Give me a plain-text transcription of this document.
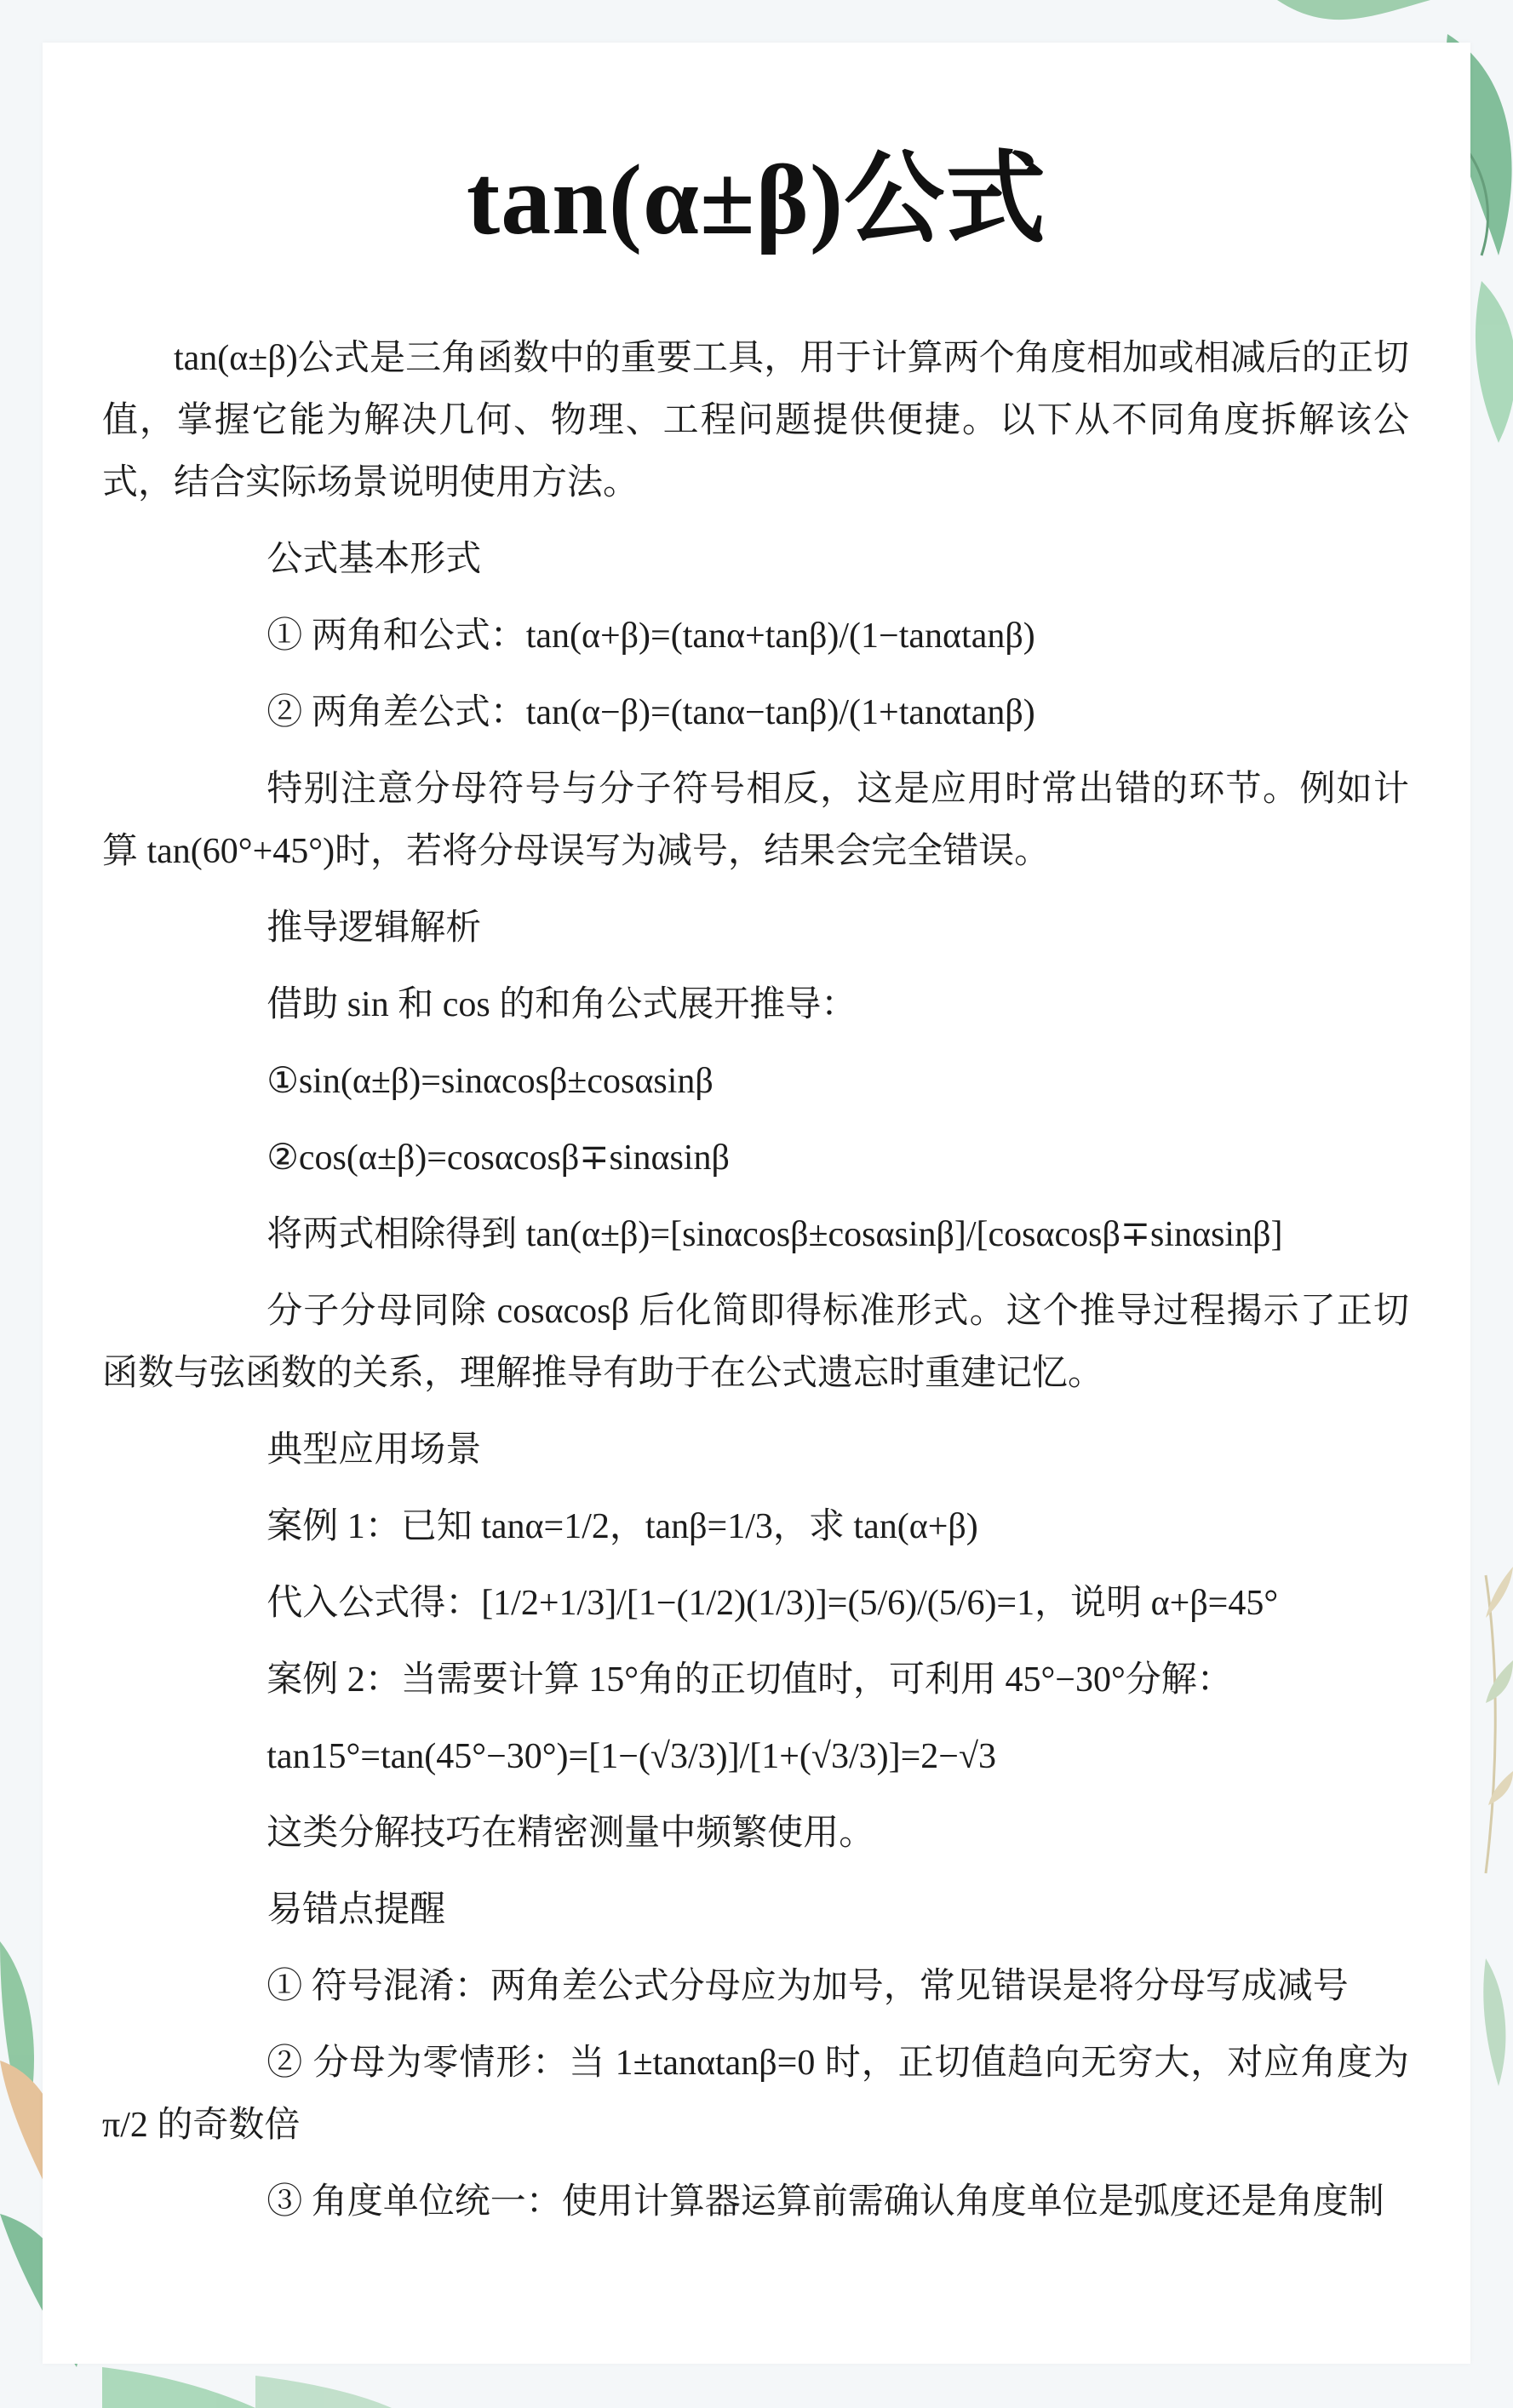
tan(α±β)公式

tan(α±β)公式是三角函数中的重要工具，用于计算两个角度相加或相减后的正切值，掌握它能为解决几何、物理、工程问题提供便捷。以下从不同角度拆解该公式，结合实际场景说明使用方法。

公式基本形式

① 两角和公式：tan(α+β)=(tanα+tanβ)/(1−tanαtanβ)

② 两角差公式：tan(α−β)=(tanα−tanβ)/(1+tanαtanβ)

特别注意分母符号与分子符号相反，这是应用时常出错的环节。例如计算 tan(60°+45°)时，若将分母误写为减号，结果会完全错误。

推导逻辑解析

借助 sin 和 cos 的和角公式展开推导：

①sin(α±β)=sinαcosβ±cosαsinβ

②cos(α±β)=cosαcosβ∓sinαsinβ

将两式相除得到 tan(α±β)=[sinαcosβ±cosαsinβ]/[cosαcosβ∓sinαsinβ]

分子分母同除 cosαcosβ 后化简即得标准形式。这个推导过程揭示了正切函数与弦函数的关系，理解推导有助于在公式遗忘时重建记忆。

典型应用场景

案例 1：已知 tanα=1/2，tanβ=1/3，求 tan(α+β)

代入公式得：[1/2+1/3]/[1−(1/2)(1/3)]=(5/6)/(5/6)=1，说明 α+β=45°

案例 2：当需要计算 15°角的正切值时，可利用 45°−30°分解：

tan15°=tan(45°−30°)=[1−(√3/3)]/[1+(√3/3)]=2−√3

这类分解技巧在精密测量中频繁使用。

易错点提醒

① 符号混淆：两角差公式分母应为加号，常见错误是将分母写成减号

② 分母为零情形：当 1±tanαtanβ=0 时，正切值趋向无穷大，对应角度为 π/2 的奇数倍

③ 角度单位统一：使用计算器运算前需确认角度单位是弧度还是角度制
